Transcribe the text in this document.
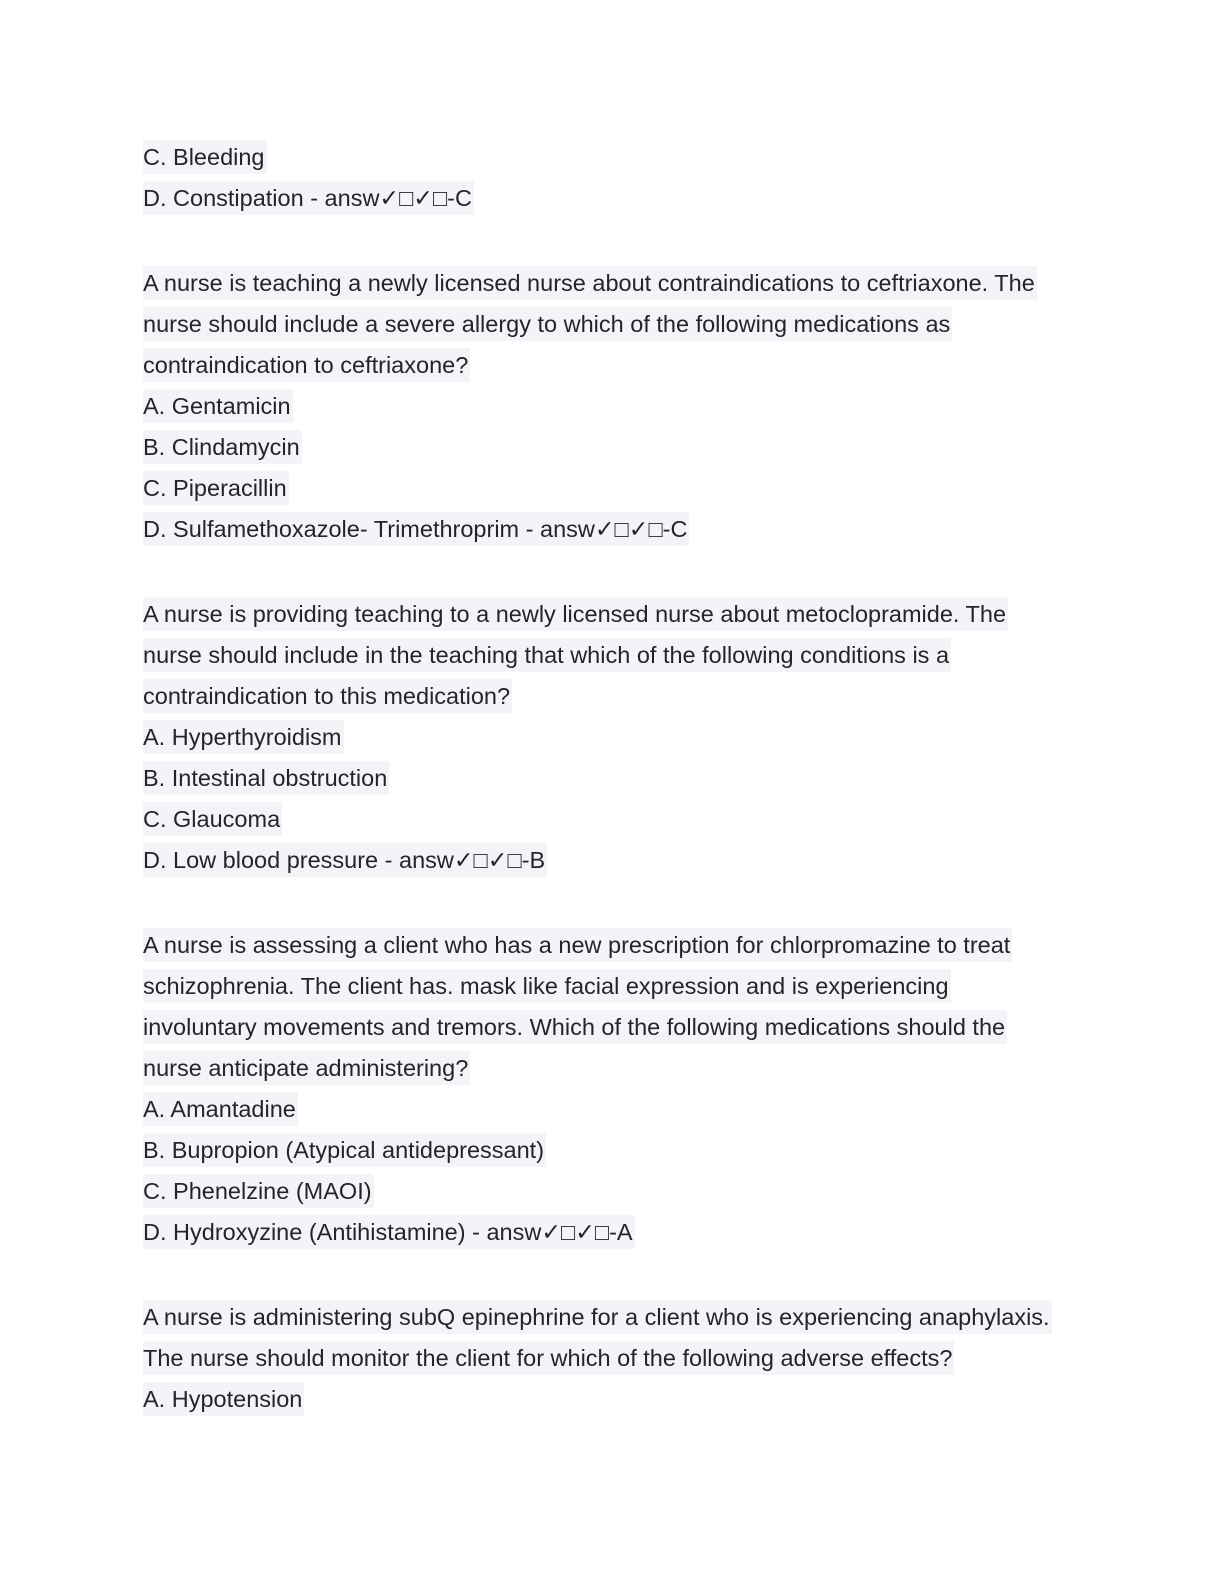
C. Bleeding
D. Constipation - answ✓□✓□-C
A nurse is teaching a newly licensed nurse about contraindications to ceftriaxone. The
nurse should include a severe allergy to which of the following medications as
contraindication to ceftriaxone?
A. Gentamicin
B. Clindamycin
C. Piperacillin
D. Sulfamethoxazole- Trimethroprim - answ✓□✓□-C
A nurse is providing teaching to a newly licensed nurse about metoclopramide. The
nurse should include in the teaching that which of the following conditions is a
contraindication to this medication?
A. Hyperthyroidism
B. Intestinal obstruction
C. Glaucoma
D. Low blood pressure - answ✓□✓□-B
A nurse is assessing a client who has a new prescription for chlorpromazine to treat
schizophrenia. The client has. mask like facial expression and is experiencing
involuntary movements and tremors. Which of the following medications should the
nurse anticipate administering?
A. Amantadine
B. Bupropion (Atypical antidepressant)
C. Phenelzine (MAOI)
D. Hydroxyzine (Antihistamine) - answ✓□✓□-A
A nurse is administering subQ epinephrine for a client who is experiencing anaphylaxis.
The nurse should monitor the client for which of the following adverse effects?
A. Hypotension
